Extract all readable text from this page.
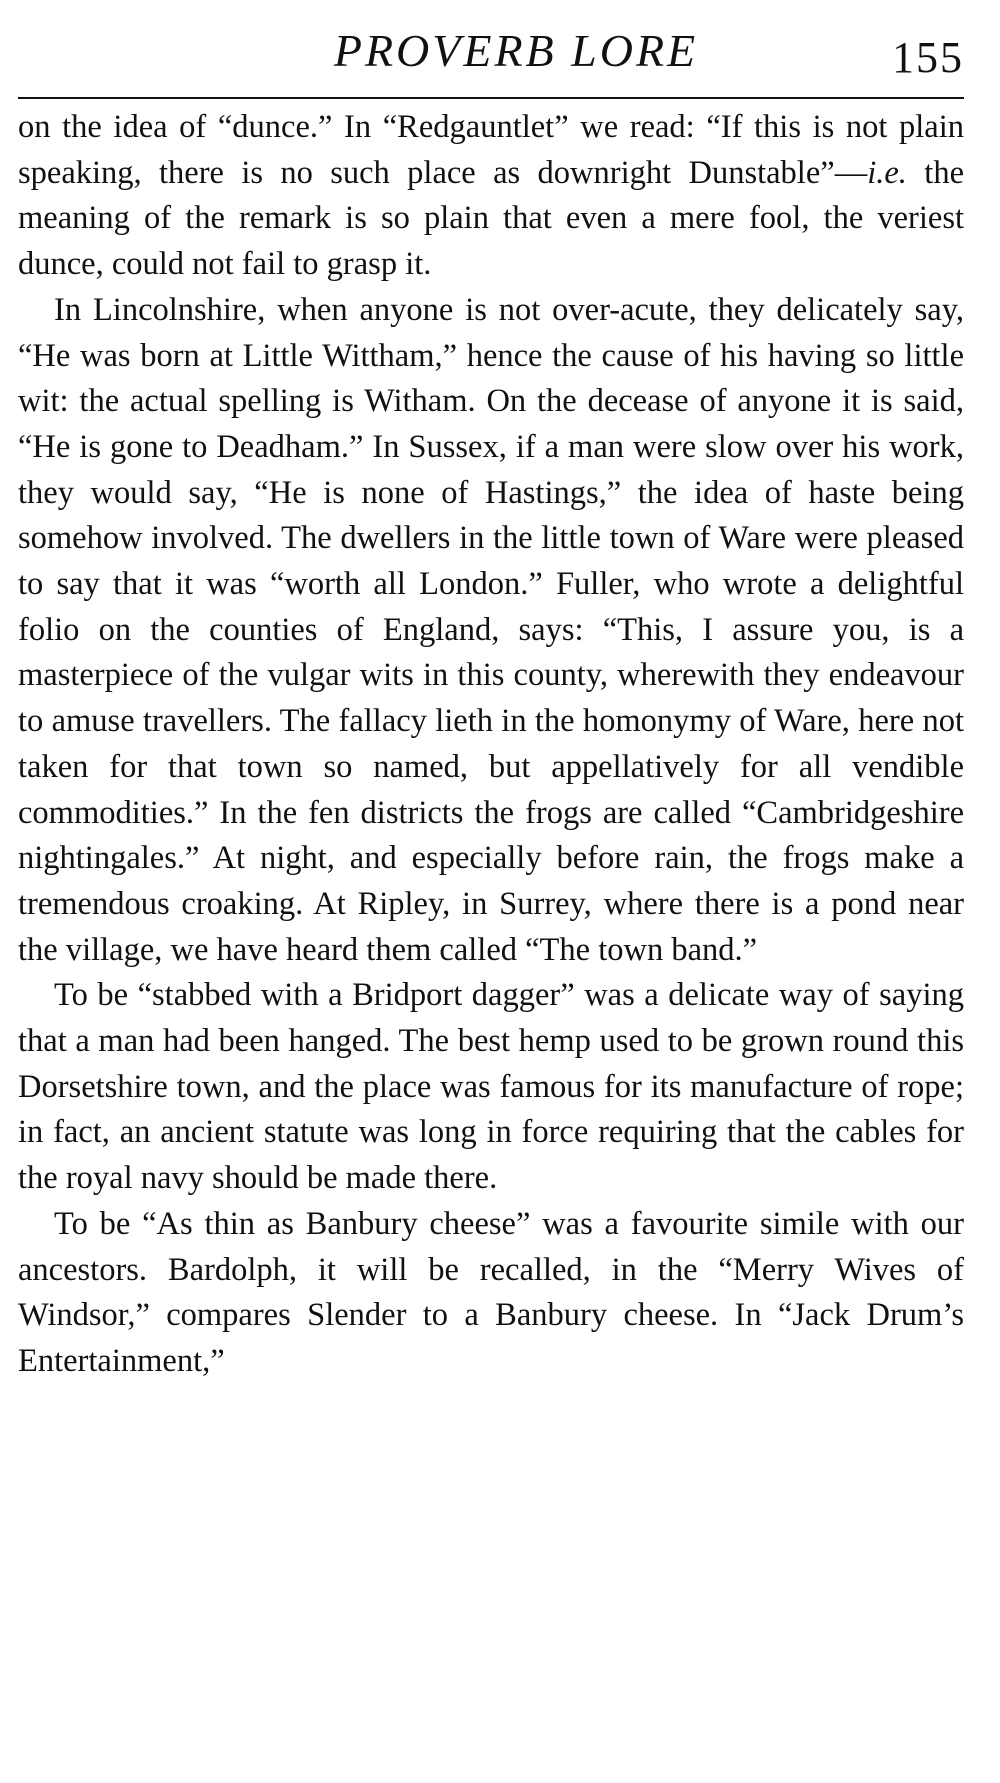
PROVERB LORE	155

on the idea of “dunce.” In “Redgauntlet” we read: “If this is not plain speaking, there is no such place as downright Dunstable”—i.e. the meaning of the remark is so plain that even a mere fool, the veriest dunce, could not fail to grasp it.

In Lincolnshire, when anyone is not over-acute, they delicately say, “He was born at Little Wittham,” hence the cause of his having so little wit: the actual spelling is Witham. On the decease of anyone it is said, “He is gone to Deadham.” In Sussex, if a man were slow over his work, they would say, “He is none of Hastings,” the idea of haste being somehow involved. The dwellers in the little town of Ware were pleased to say that it was “worth all London.” Fuller, who wrote a delightful folio on the counties of England, says: “This, I assure you, is a masterpiece of the vulgar wits in this county, wherewith they endeavour to amuse travellers. The fallacy lieth in the homonymy of Ware, here not taken for that town so named, but appellatively for all vendible commodities.” In the fen districts the frogs are called “Cambridgeshire nightingales.” At night, and especially before rain, the frogs make a tremendous croaking. At Ripley, in Surrey, where there is a pond near the village, we have heard them called “The town band.”

To be “stabbed with a Bridport dagger” was a delicate way of saying that a man had been hanged. The best hemp used to be grown round this Dorsetshire town, and the place was famous for its manufacture of rope; in fact, an ancient statute was long in force requiring that the cables for the royal navy should be made there.

To be “As thin as Banbury cheese” was a favourite simile with our ancestors. Bardolph, it will be recalled, in the “Merry Wives of Windsor,” compares Slender to a Banbury cheese. In “Jack Drum’s Entertainment,”
